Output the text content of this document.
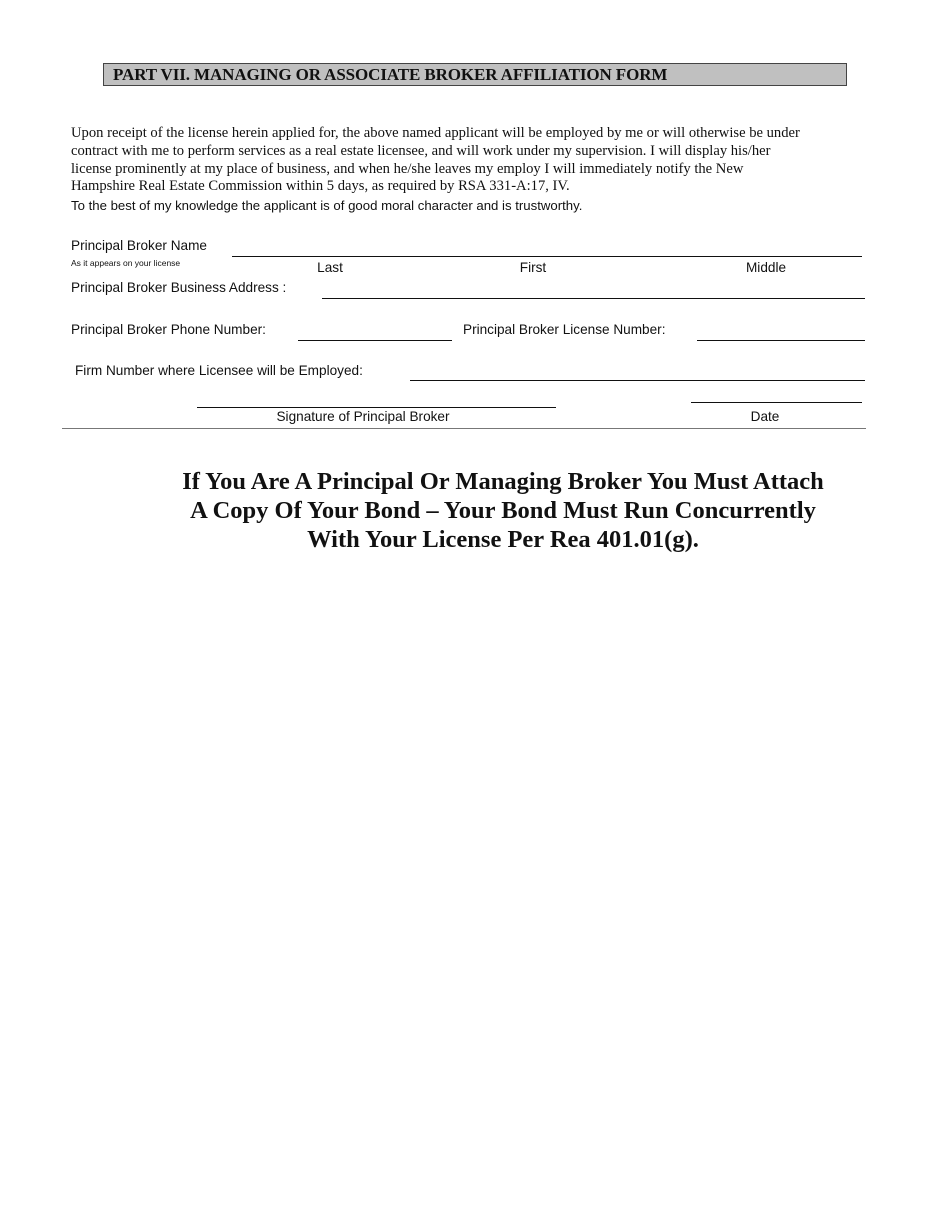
PART VII. MANAGING OR ASSOCIATE BROKER AFFILIATION FORM
Upon receipt of the license herein applied for, the above named applicant will be employed by me or will otherwise be under
contract with me to perform services as a real estate licensee, and will work under my supervision. I will display his/her
license prominently at my place of business, and when he/she leaves my employ I will immediately notify the New
Hampshire Real Estate Commission within 5 days, as required by RSA 331-A:17, IV.
To the best of my knowledge the applicant is of good moral character and is trustworthy.
Principal Broker Name
As it appears on your license	Last	First	Middle
Principal Broker Business Address :
Principal Broker Phone Number:	Principal Broker License Number:
Firm Number where Licensee will be Employed:
Signature of Principal Broker	Date
If You Are A Principal Or Managing Broker You Must Attach
A Copy Of Your Bond – Your Bond Must Run Concurrently
With Your License Per Rea 401.01(g).
